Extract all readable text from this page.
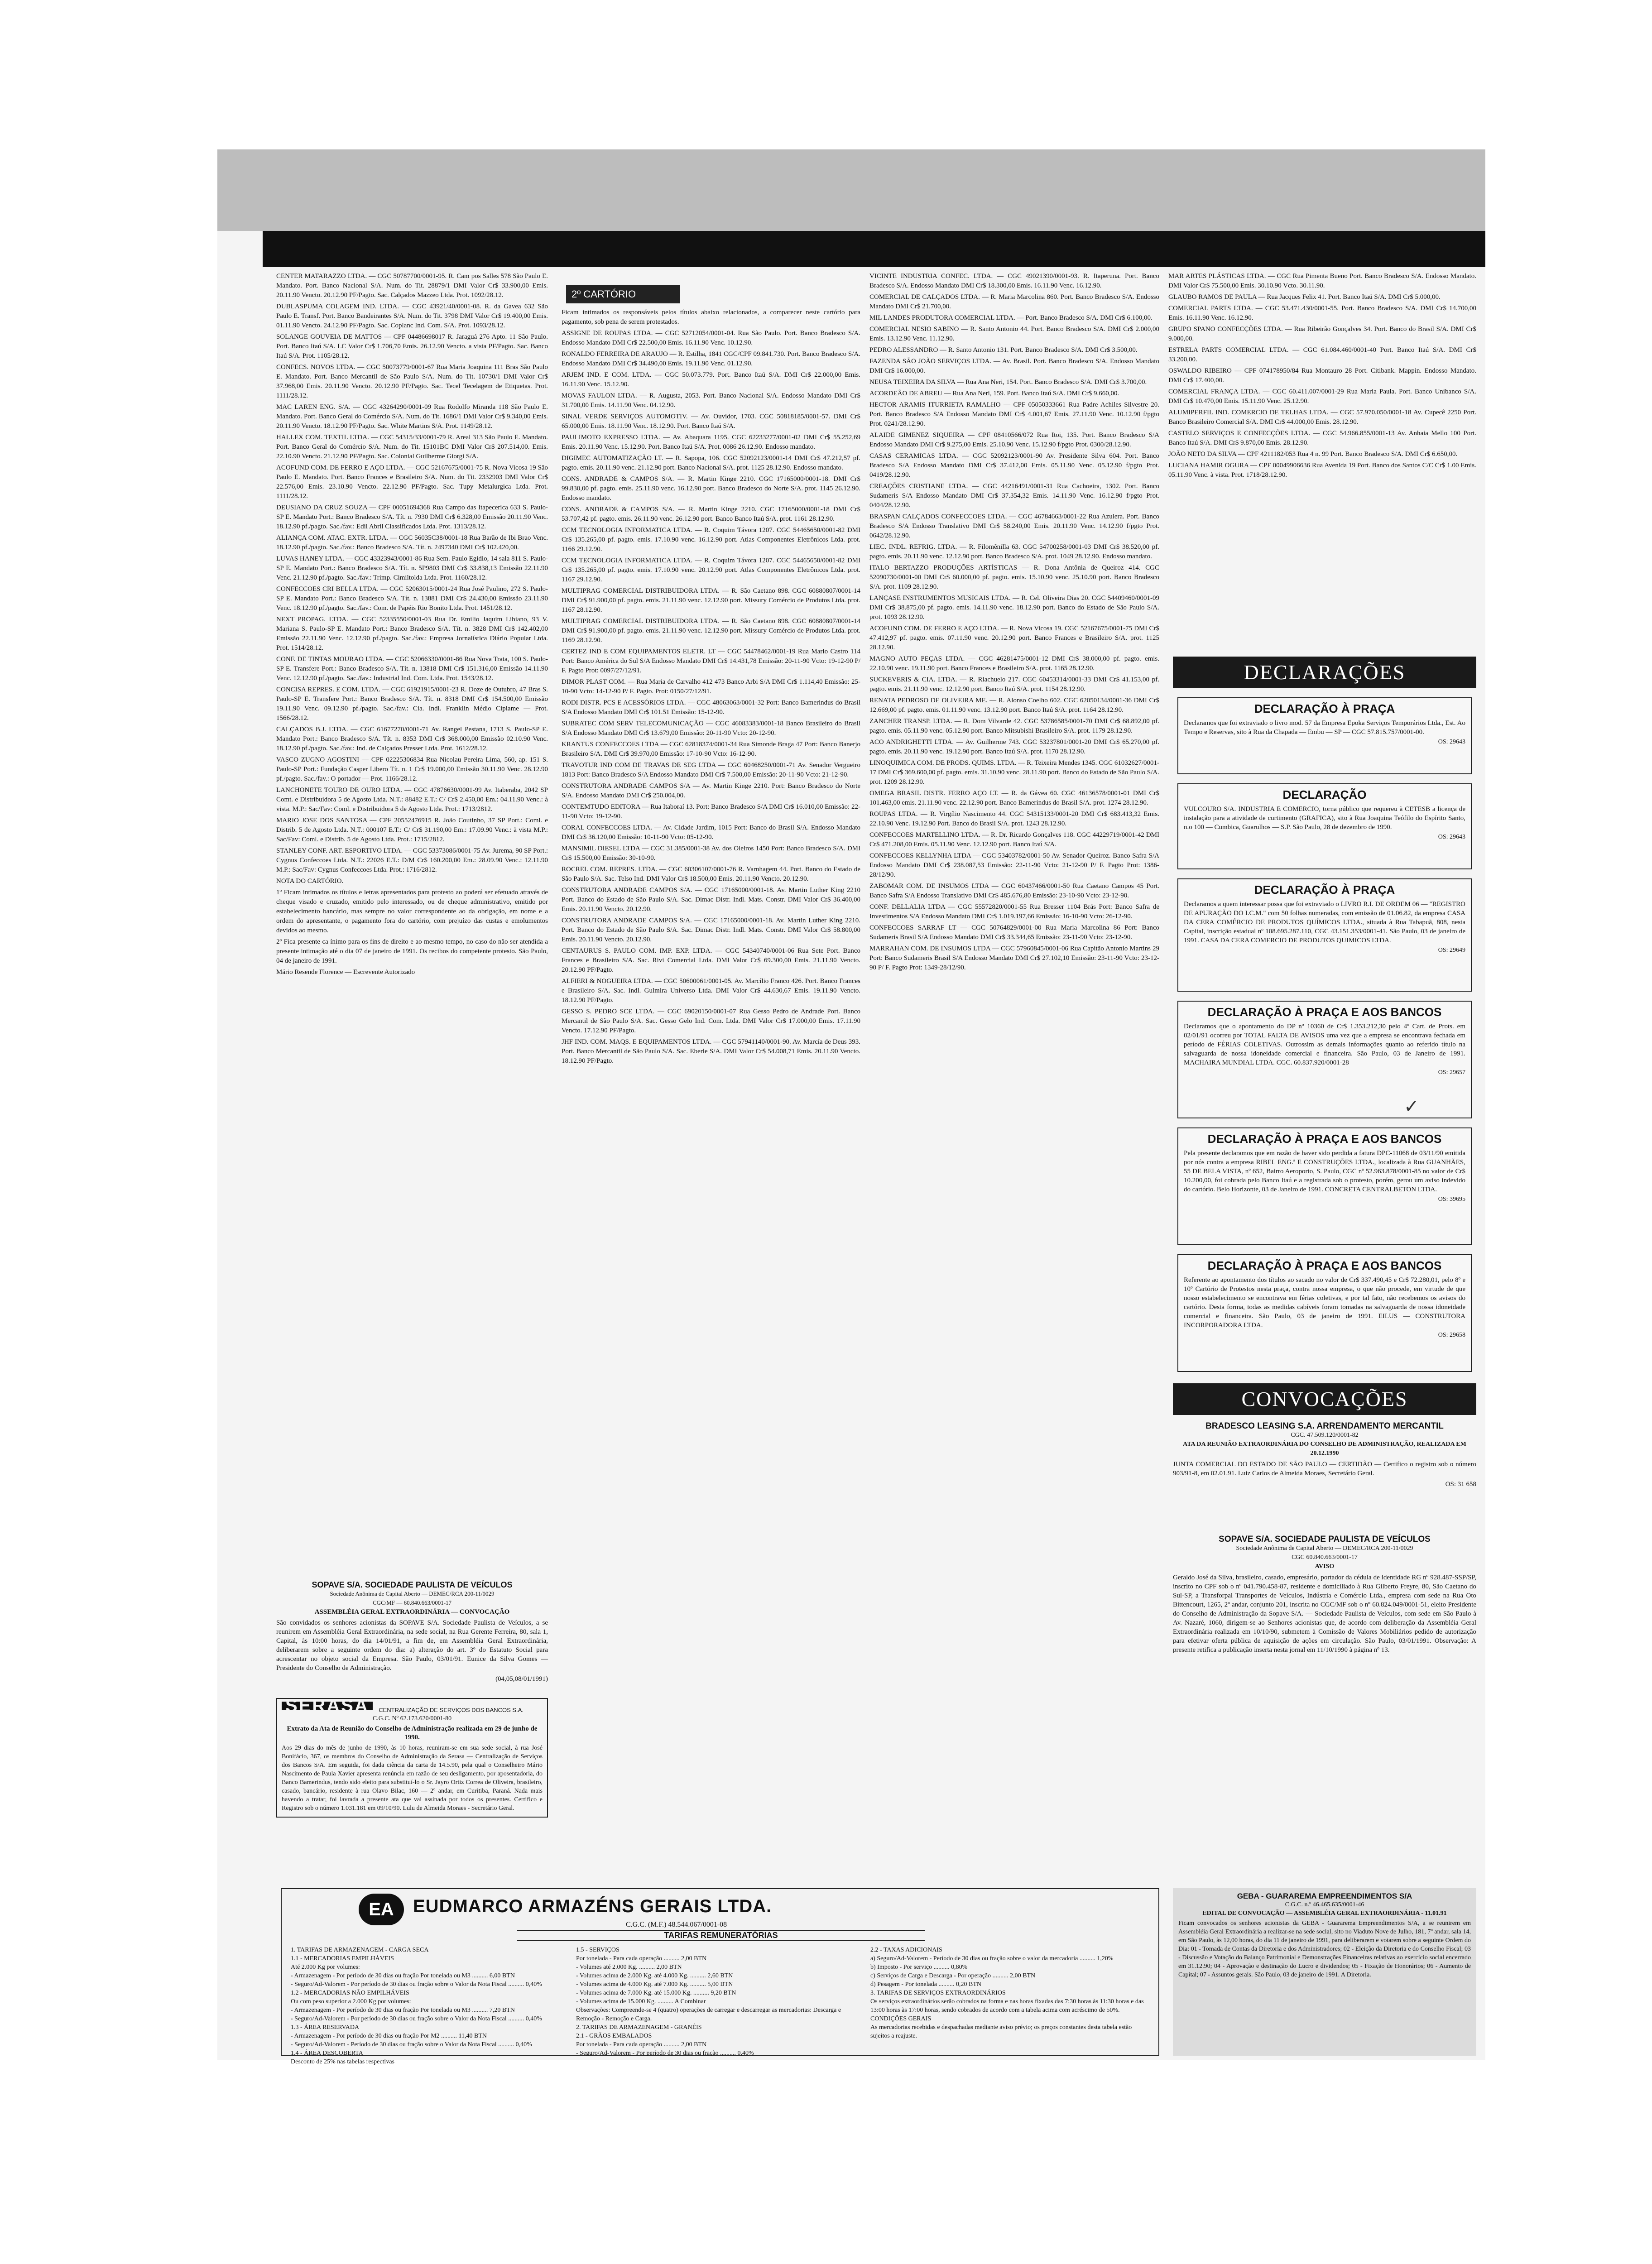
CENTER MATARAZZO LTDA. — CGC 50787700/0001-95. R. Cam pos Salles 578 São Paulo E. Mandato. Port. Banco Nacional S/A. Num. do Tit. 28879/1 DMI Valor Cr$ 33.900,00 Emis. 20.11.90 Vencto. 20.12.90 PF/Pagto. Sac. Calçados Mazzeo Ltda. Prot. 1092/28.12.
DUBLASPUMA COLAGEM IND. LTDA. — CGC 43921/40/0001-08. R. da Gavea 632 São Paulo E. Transf. Port. Banco Bandeirantes S/A. Num. do Tit. 3798 DMI Valor Cr$ 19.400,00 Emis. 01.11.90 Vencto. 24.12.90 PF/Pagto. Sac. Coplanc Ind. Com. S/A. Prot. 1093/28.12.
SOLANGE GOUVEIA DE MATTOS — CPF 04486698017 R. Jaraguá 276 Apto. 11 São Paulo. Port. Banco Itaú S/A. LC Valor Cr$ 1.706,70 Emis. 26.12.90 Vencto. a vista PF/Pagto. Sac. Banco Itaú S/A. Prot. 1105/28.12.
CONFECS. NOVOS LTDA. — CGC 50073779/0001-67 Rua Maria Joaquina 111 Bras São Paulo E. Mandato. Port. Banco Mercantil de São Paulo S/A. Num. do Tit. 10730/1 DMI Valor Cr$ 37.968,00 Emis. 20.11.90 Vencto. 20.12.90 PF/Pagto. Sac. Tecel Tecelagem de Etiquetas. Prot. 1111/28.12.
MAC LAREN ENG. S/A. — CGC 43264290/0001-09 Rua Rodolfo Miranda 118 São Paulo E. Mandato. Port. Banco Geral do Comércio S/A. Num. do Tit. 1686/1 DMI Valor Cr$ 9.340,00 Emis. 20.11.90 Vencto. 18.12.90 PF/Pagto. Sac. White Martins S/A. Prot. 1149/28.12.
HALLEX COM. TEXTIL LTDA. — CGC 54315/33/0001-79 R. Areal 313 São Paulo E. Mandato. Port. Banco Geral do Comércio S/A. Num. do Tit. 15101BC DMI Valor Cr$ 207.514,00. Emis. 22.10.90 Vencto. 21.12.90 PF/Pagto. Sac. Colonial Guilherme Giorgi S/A.
ACOFUND COM. DE FERRO E AÇO LTDA. — CGC 52167675/0001-75 R. Nova Vicosa 19 São Paulo E. Mandato. Port. Banco Frances e Brasileiro S/A. Num. do Tit. 2332903 DMI Valor Cr$ 22.576,00 Emis. 23.10.90 Vencto. 22.12.90 PF/Pagto. Sac. Tupy Metalurgica Ltda. Prot. 1111/28.12.
DEUSIANO DA CRUZ SOUZA — CPF 00051694368 Rua Campo das Itapecerica 633 S. Paulo-SP E. Mandato Port.: Banco Bradesco S/A. Tít. n. 7930 DMI Cr$ 6.328,00 Emissão 20.11.90 Venc. 18.12.90 pf./pagto. Sac./fav.: Edil Abril Classificados Ltda. Prot. 1313/28.12.
ALIANÇA COM. ATAC. EXTR. LTDA. — CGC 56035C38/0001-18 Rua Barão de Ibi Brao Venc. 18.12.90 pf./pagto. Sac./fav.: Banco Bradesco S/A. Tít. n. 2497340 DMI Cr$ 102.420,00.
LUVAS HANEY LTDA. — CGC 43323943/0001-86 Rua Sem. Paulo Egidio, 14 sala 811 S. Paulo-SP E. Mandato Port.: Banco Bradesco S/A. Tít. n. 5P9803 DMI Cr$ 33.838,13 Emissão 22.11.90 Venc. 21.12.90 pf./pagto. Sac./fav.: Trimp. Cimiltolda Ltda. Prot. 1160/28.12.
CONFECCOES CRI BELLA LTDA. — CGC 52063015/0001-24 Rua José Paulino, 272 S. Paulo-SP E. Mandato Port.: Banco Bradesco S/A. Tít. n. 13881 DMI Cr$ 24.430,00 Emissão 23.11.90 Venc. 18.12.90 pf./pagto. Sac./fav.: Com. de Papéis Rio Bonito Ltda. Prot. 1451/28.12.
NEXT PROPAG. LTDA. — CGC 52335550/0001-03 Rua Dr. Emilio Jaquim Libiano, 93 V. Mariana S. Paulo-SP E. Mandato Port.: Banco Bradesco S/A. Tít. n. 3828 DMI Cr$ 142.402,00 Emissão 22.11.90 Venc. 12.12.90 pf./pagto. Sac./fav.: Empresa Jornalística Diário Popular Ltda. Prot. 1514/28.12.
CONF. DE TINTAS MOURAO LTDA. — CGC 52066330/0001-86 Rua Nova Trata, 100 S. Paulo-SP E. Transfere Port.: Banco Bradesco S/A. Tít. n. 13818 DMI Cr$ 151.316,00 Emissão 14.11.90 Venc. 12.12.90 pf./pagto. Sac./fav.: Industrial Ind. Com. Ltda. Prot. 1543/28.12.
CONCISA REPRES. E COM. LTDA. — CGC 61921915/0001-23 R. Doze de Outubro, 47 Bras S. Paulo-SP E. Transfere Port.: Banco Bradesco S/A. Tít. n. 8318 DMI Cr$ 154.500,00 Emissão 19.11.90 Venc. 09.12.90 pf./pagto. Sac./fav.: Cia. Indl. Franklin Médio Cipiame — Prot. 1566/28.12.
CALÇADOS B.J. LTDA. — CGC 61677270/0001-71 Av. Rangel Pestana, 1713 S. Paulo-SP E. Mandato Port.: Banco Bradesco S/A. Tít. n. 8353 DMI Cr$ 368.000,00 Emissão 02.10.90 Venc. 18.12.90 pf./pagto. Sac./fav.: Ind. de Calçados Presser Ltda. Prot. 1612/28.12.
VASCO ZUGNO AGOSTINI — CPF 02225306834 Rua Nicolau Pereira Lima, 560, ap. 151 S. Paulo-SP Port.: Fundação Casper Libero Tít. n. 1 Cr$ 19.000,00 Emissão 30.11.90 Venc. 28.12.90 pf./pagto. Sac./fav.: O portador — Prot. 1166/28.12.
LANCHONETE TOURO DE OURO LTDA. — CGC 47876630/0001-99 Av. Itaberaba, 2042 SP Comt. e Distribuidora 5 de Agosto Ltda. N.T.: 88482 E.T.: C/ Cr$ 2.450,00 Em.: 04.11.90 Venc.: à vista. M.P.: Sac/Fav: Coml. e Distribuidora 5 de Agosto Ltda. Prot.: 1713/2812.
MARIO JOSE DOS SANTOSA — CPF 20552476915 R. João Coutinho, 37 SP Port.: Coml. e Distrib. 5 de Agosto Ltda. N.T.: 000107 E.T.: C/ Cr$ 31.190,00 Em.: 17.09.90 Venc.: à vista M.P.: Sac/Fav: Coml. e Distrib. 5 de Agosto Ltda. Prot.: 1715/2812.
STANLEY CONF. ART. ESPORTIVO LTDA. — CGC 53373086/0001-75 Av. Jurema, 90 SP Port.: Cygnus Confeccoes Ltda. N.T.: 22026 E.T.: D/M Cr$ 160.200,00 Em.: 28.09.90 Venc.: 12.11.90 M.P.: Sac/Fav: Cygnus Confeccoes Ltda. Prot.: 1716/2812.
NOTA DO CARTÓRIO.
1º Ficam intimados os títulos e letras apresentados para protesto ao poderá ser efetuado através de cheque visado e cruzado, emitido pelo interessado, ou de cheque administrativo, emitido por estabelecimento bancário, mas sempre no valor correspondente ao da obrigação, em nome e a ordem do apresentante, o pagamento fora do cartório, com prejuízo das custas e emolumentos devidos ao mesmo.
2º Fica presente ca ínimo para os fins de direito e ao mesmo tempo, no caso do não ser atendida a presente intimação até o dia 07 de janeiro de 1991. Os recibos do competente protesto. São Paulo, 04 de janeiro de 1991.
Mário Resende Florence — Escrevente Autorizado
2º CARTÓRIO
Ficam intimados os responsáveis pelos títulos abaixo relacionados, a comparecer neste cartório para pagamento, sob pena de serem protestados.
ASSIGNE DE ROUPAS LTDA. — CGC 52712054/0001-04. Rua São Paulo. Port. Banco Bradesco S/A. Endosso Mandato DMI Cr$ 22.500,00 Emis. 16.11.90 Venc. 10.12.90.
RONALDO FERREIRA DE ARAUJO — R. Estilha, 1841 CGC/CPF 09.841.730. Port. Banco Bradesco S/A. Endosso Mandato DMI Cr$ 34.490,00 Emis. 19.11.90 Venc. 01.12.90.
ARJEM IND. E COM. LTDA. — CGC 50.073.779. Port. Banco Itaú S/A. DMI Cr$ 22.000,00 Emis. 16.11.90 Venc. 15.12.90.
MOVAS FAULON LTDA. — R. Augusta, 2053. Port. Banco Nacional S/A. Endosso Mandato DMI Cr$ 31.700,00 Emis. 14.11.90 Venc. 04.12.90.
SINAL VERDE SERVIÇOS AUTOMOTIV. — Av. Ouvidor, 1703. CGC 50818185/0001-57. DMI Cr$ 65.000,00 Emis. 18.11.90 Venc. 18.12.90. Port. Banco Itaú S/A.
PAULIMOTO EXPRESSO LTDA. — Av. Abaquara 1195. CGC 62233277/0001-02 DMI Cr$ 55.252,69 Emis. 20.11.90 Venc. 15.12.90. Port. Banco Itaú S/A. Prot. 0086 26.12.90. Endosso mandato.
DIGIMEC AUTOMATIZAÇÃO LT. — R. Sapopa, 106. CGC 52092123/0001-14 DMI Cr$ 47.212,57 pf. pagto. emis. 20.11.90 venc. 21.12.90 port. Banco Nacional S/A. prot. 1125 28.12.90. Endosso mandato.
CONS. ANDRADE & CAMPOS S/A. — R. Martin Kinge 2210. CGC 17165000/0001-18. DMI Cr$ 99.830,00 pf. pagto. emis. 25.11.90 venc. 16.12.90 port. Banco Bradesco do Norte S/A. prot. 1145 26.12.90. Endosso mandato.
CONS. ANDRADE & CAMPOS S/A. — R. Martin Kinge 2210. CGC 17165000/0001-18 DMI Cr$ 53.707,42 pf. pagto. emis. 26.11.90 venc. 26.12.90 port. Banco Banco Itaú S/A. prot. 1161 28.12.90.
CCM TECNOLOGIA INFORMATICA LTDA. — R. Coquim Távora 1207. CGC 54465650/0001-82 DMI Cr$ 135.265,00 pf. pagto. emis. 17.10.90 venc. 16.12.90 port. Atlas Componentes Eletrônicos Ltda. prot. 1166 29.12.90.
CCM TECNOLOGIA INFORMATICA LTDA. — R. Coquim Távora 1207. CGC 54465650/0001-82 DMI Cr$ 135.265,00 pf. pagto. emis. 17.10.90 venc. 20.12.90 port. Atlas Componentes Eletrônicos Ltda. prot. 1167 29.12.90.
MULTIPRAG COMERCIAL DISTRIBUIDORA LTDA. — R. São Caetano 898. CGC 60880807/0001-14 DMI Cr$ 91.900,00 pf. pagto. emis. 21.11.90 venc. 12.12.90 port. Missury Comércio de Produtos Ltda. prot. 1167 28.12.90.
MULTIPRAG COMERCIAL DISTRIBUIDORA LTDA. — R. São Caetano 898. CGC 60880807/0001-14 DMI Cr$ 91.900,00 pf. pagto. emis. 21.11.90 venc. 12.12.90 port. Missury Comércio de Produtos Ltda. prot. 1169 28.12.90.
CERTEZ IND E COM EQUIPAMENTOS ELETR. LT — CGC 54478462/0001-19 Rua Mario Castro 114 Port: Banco América do Sul S/A Endosso Mandato DMI Cr$ 14.431,78 Emissão: 20-11-90 Vcto: 19-12-90 P/ F. Pagto Prot: 0097/27/12/91.
DIMOR PLAST COM. — Rua Maria de Carvalho 412 473 Banco Arbi S/A DMI Cr$ 1.114,40 Emissão: 25-10-90 Vcto: 14-12-90 P/ F. Pagto. Prot: 0150/27/12/91.
RODI DISTR. PCS E ACESSÓRIOS LTDA. — CGC 48063063/0001-32 Port: Banco Bamerindus do Brasil S/A Endosso Mandato DMI Cr$ 101.51 Emissão: 15-12-90.
SUBRATEC COM SERV TELECOMUNICAÇÃO — CGC 46083383/0001-18 Banco Brasileiro do Brasil S/A Endosso Mandato DMI Cr$ 13.679,00 Emissão: 20-11-90 Vcto: 20-12-90.
KRANTUS CONFECCOES LTDA — CGC 62818374/0001-34 Rua Simonde Braga 47 Port: Banco Banerjo Brasileiro S/A. DMI Cr$ 39.970,00 Emissão: 17-10-90 Vcto: 16-12-90.
TRAVOTUR IND COM DE TRAVAS DE SEG LTDA — CGC 60468250/0001-71 Av. Senador Vergueiro 1813 Port: Banco Bradesco S/A Endosso Mandato DMI Cr$ 7.500,00 Emissão: 20-11-90 Vcto: 21-12-90.
CONSTRUTORA ANDRADE CAMPOS S/A — Av. Martin Kinge 2210. Port: Banco Bradesco do Norte S/A. Endosso Mandato DMI Cr$ 250.004,00.
CONTEMTUDO EDITORA — Rua Itaboraí 13. Port: Banco Bradesco S/A DMI Cr$ 16.010,00 Emissão: 22-11-90 Vcto: 19-12-90.
CORAL CONFECCOES LTDA. — Av. Cidade Jardim, 1015 Port: Banco do Brasil S/A. Endosso Mandato DMI Cr$ 36.120,00 Emissão: 10-11-90 Vcto: 05-12-90.
MANSIMIL DIESEL LTDA — CGC 31.385/0001-38 Av. dos Oleiros 1450 Port: Banco Bradesco S/A. DMI Cr$ 15.500,00 Emissão: 30-10-90.
ROCREL COM. REPRES. LTDA. — CGC 60306107/0001-76 R. Varnhagem 44. Port. Banco do Estado de São Paulo S/A. Sac. Telso Ind. DMI Valor Cr$ 18.500,00 Emis. 20.11.90 Vencto. 20.12.90.
CONSTRUTORA ANDRADE CAMPOS S/A. — CGC 17165000/0001-18. Av. Martin Luther King 2210 Port. Banco do Estado de São Paulo S/A. Sac. Dimac Distr. Indl. Mats. Constr. DMI Valor Cr$ 36.400,00 Emis. 20.11.90 Vencto. 20.12.90.
CONSTRUTORA ANDRADE CAMPOS S/A. — CGC 17165000/0001-18. Av. Martin Luther King 2210. Port. Banco do Estado de São Paulo S/A. Sac. Dimac Distr. Indl. Mats. Constr. DMI Valor Cr$ 58.800,00 Emis. 20.11.90 Vencto. 20.12.90.
CENTAURUS S. PAULO COM. IMP. EXP. LTDA. — CGC 54340740/0001-06 Rua Sete Port. Banco Frances e Brasileiro S/A. Sac. Rivi Comercial Ltda. DMI Valor Cr$ 69.300,00 Emis. 21.11.90 Vencto. 20.12.90 PF/Pagto.
ALFIERI & NOGUEIRA LTDA. — CGC 50600061/0001-05. Av. Marcílio Franco 426. Port. Banco Frances e Brasileiro S/A. Sac. Indl. Gulmira Universo Ltda. DMI Valor Cr$ 44.630,67 Emis. 19.11.90 Vencto. 18.12.90 PF/Pagto.
GESSO S. PEDRO SCE LTDA. — CGC 69020150/0001-07 Rua Gesso Pedro de Andrade Port. Banco Mercantil de São Paulo S/A. Sac. Gesso Gelo Ind. Com. Ltda. DMI Valor Cr$ 17.000,00 Emis. 17.11.90 Vencto. 17.12.90 PF/Pagto.
JHF IND. COM. MAQS. E EQUIPAMENTOS LTDA. — CGC 57941140/0001-90. Av. Marcía de Deus 393. Port. Banco Mercantil de São Paulo S/A. Sac. Eberle S/A. DMI Valor Cr$ 54.008,71 Emis. 20.11.90 Vencto. 18.12.90 PF/Pagto.
VICINTE INDUSTRIA CONFEC. LTDA. — CGC 49021390/0001-93. R. Itaperuna. Port. Banco Bradesco S/A. Endosso Mandato DMI Cr$ 18.300,00 Emis. 16.11.90 Venc. 16.12.90.
COMERCIAL DE CALÇADOS LTDA. — R. Maria Marcolina 860. Port. Banco Bradesco S/A. Endosso Mandato DMI Cr$ 21.700,00.
MIL LANDES PRODUTORA COMERCIAL LTDA. — Port. Banco Bradesco S/A. DMI Cr$ 6.100,00.
COMERCIAL NESIO SABINO — R. Santo Antonio 44. Port. Banco Bradesco S/A. DMI Cr$ 2.000,00 Emis. 13.12.90 Venc. 11.12.90.
PEDRO ALESSANDRO — R. Santo Antonio 131. Port. Banco Bradesco S/A. DMI Cr$ 3.500,00.
FAZENDA SÃO JOÃO SERVIÇOS LTDA. — Av. Brasil. Port. Banco Bradesco S/A. Endosso Mandato DMI Cr$ 16.000,00.
NEUSA TEIXEIRA DA SILVA — Rua Ana Neri, 154. Port. Banco Bradesco S/A. DMI Cr$ 3.700,00.
ACORDEÃO DE ABREU — Rua Ana Neri, 159. Port. Banco Itaú S/A. DMI Cr$ 9.660,00.
HECTOR ARAMIS ITURRIETA RAMALHO — CPF 05050333661 Rua Padre Achiles Silvestre 20. Port. Banco Bradesco S/A Endosso Mandato DMI Cr$ 4.001,67 Emis. 27.11.90 Venc. 10.12.90 f/pgto Prot. 0241/28.12.90.
ALAIDE GIMENEZ SIQUEIRA — CPF 08410566/072 Rua Itoi, 135. Port. Banco Bradesco S/A Endosso Mandato DMI Cr$ 9.275,00 Emis. 25.10.90 Venc. 15.12.90 f/pgto Prot. 0300/28.12.90.
CASAS CERAMICAS LTDA. — CGC 52092123/0001-90 Av. Presidente Silva 604. Port. Banco Bradesco S/A Endosso Mandato DMI Cr$ 37.412,00 Emis. 05.11.90 Venc. 05.12.90 f/pgto Prot. 0419/28.12.90.
CREAÇÕES CRISTIANE LTDA. — CGC 44216491/0001-31 Rua Cachoeira, 1302. Port. Banco Sudameris S/A Endosso Mandato DMI Cr$ 37.354,32 Emis. 14.11.90 Venc. 16.12.90 f/pgto Prot. 0404/28.12.90.
BRASPAN CALÇADOS CONFECCOES LTDA. — CGC 46784663/0001-22 Rua Azulera. Port. Banco Bradesco S/A Endosso Translativo DMI Cr$ 58.240,00 Emis. 20.11.90 Venc. 14.12.90 f/pgto Prot. 0642/28.12.90.
LIEC. INDL. REFRIG. LTDA. — R. Filomênilla 63. CGC 54700258/0001-03 DMI Cr$ 38.520,00 pf. pagto. emis. 20.11.90 venc. 12.12.90 port. Banco Bradesco S/A. prot. 1049 28.12.90. Endosso mandato.
ITALO BERTAZZO PRODUÇÕES ARTÍSTICAS — R. Dona Antônia de Queiroz 414. CGC 52090730/0001-00 DMI Cr$ 60.000,00 pf. pagto. emis. 15.10.90 venc. 25.10.90 port. Banco Bradesco S/A. prot. 1109 28.12.90.
LANÇASE INSTRUMENTOS MUSICAIS LTDA. — R. Cel. Oliveira Dias 20. CGC 54409460/0001-09 DMI Cr$ 38.875,00 pf. pagto. emis. 14.11.90 venc. 18.12.90 port. Banco do Estado de São Paulo S/A. prot. 1093 28.12.90.
ACOFUND COM. DE FERRO E AÇO LTDA. — R. Nova Vicosa 19. CGC 52167675/0001-75 DMI Cr$ 47.412,97 pf. pagto. emis. 07.11.90 venc. 20.12.90 port. Banco Frances e Brasileiro S/A. prot. 1125 28.12.90.
MAGNO AUTO PEÇAS LTDA. — CGC 46281475/0001-12 DMI Cr$ 38.000,00 pf. pagto. emis. 22.10.90 venc. 19.11.90 port. Banco Frances e Brasileiro S/A. prot. 1165 28.12.90.
SUCKEVERIS & CIA. LTDA. — R. Riachuelo 217. CGC 60453314/0001-33 DMI Cr$ 41.153,00 pf. pagto. emis. 21.11.90 venc. 12.12.90 port. Banco Itaú S/A. prot. 1154 28.12.90.
RENATA PEDROSO DE OLIVEIRA ME. — R. Alonso Coelho 602. CGC 62050134/0001-36 DMI Cr$ 12.669,00 pf. pagto. emis. 01.11.90 venc. 13.12.90 port. Banco Itaú S/A. prot. 1164 28.12.90.
ZANCHER TRANSP. LTDA. — R. Dom Vilvarde 42. CGC 53786585/0001-70 DMI Cr$ 68.892,00 pf. pagto. emis. 05.11.90 venc. 05.12.90 port. Banco Mitsubishi Brasileiro S/A. prot. 1179 28.12.90.
ACO ANDRIGHETTI LTDA. — Av. Guilherme 743. CGC 53237801/0001-20 DMI Cr$ 65.270,00 pf. pagto. emis. 20.11.90 venc. 19.12.90 port. Banco Itaú S/A. prot. 1170 28.12.90.
LINOQUIMICA COM. DE PRODS. QUIMS. LTDA. — R. Teixeira Mendes 1345. CGC 61032627/0001-17 DMI Cr$ 369.600,00 pf. pagto. emis. 31.10.90 venc. 28.11.90 port. Banco do Estado de São Paulo S/A. prot. 1209 28.12.90.
OMEGA BRASIL DISTR. FERRO AÇO LT. — R. da Gávea 60. CGC 46136578/0001-01 DMI Cr$ 101.463,00 emis. 21.11.90 venc. 22.12.90 port. Banco Bamerindus do Brasil S/A. prot. 1274 28.12.90.
ROUPAS LTDA. — R. Virgílio Nascimento 44. CGC 54315133/0001-20 DMI Cr$ 683.413,32 Emis. 22.10.90 Venc. 19.12.90 Port. Banco do Brasil S/A. prot. 1243 28.12.90.
CONFECCOES MARTELLINO LTDA. — R. Dr. Ricardo Gonçalves 118. CGC 44229719/0001-42 DMI Cr$ 471.208,00 Emis. 05.11.90 Venc. 12.12.90 port. Banco Itaú S/A.
CONFECCOES KELLYNHA LTDA — CGC 53403782/0001-50 Av. Senador Queiroz. Banco Safra S/A Endosso Mandato DMI Cr$ 238.087,53 Emissão: 22-11-90 Vcto: 21-12-90 P/ F. Pagto Prot: 1386-28/12/90.
ZABOMAR COM. DE INSUMOS LTDA — CGC 60437466/0001-50 Rua Caetano Campos 45 Port. Banco Safra S/A Endosso Translativo DMI Cr$ 485.676,80 Emissão: 23-10-90 Vcto: 23-12-90.
CONF. DELLALIA LTDA — CGC 55572820/0001-55 Rua Bresser 1104 Brás Port: Banco Safra de Investimentos S/A Endosso Mandato DMI Cr$ 1.019.197,66 Emissão: 16-10-90 Vcto: 26-12-90.
CONFECCOES SARRAF LT — CGC 50764829/0001-00 Rua Maria Marcolina 86 Port: Banco Sudameris Brasil S/A Endosso Mandato DMI Cr$ 33.344,65 Emissão: 23-11-90 Vcto: 23-12-90.
MARRAHAN COM. DE INSUMOS LTDA — CGC 57960845/0001-06 Rua Capitão Antonio Martins 29 Port: Banco Sudameris Brasil S/A Endosso Mandato DMI Cr$ 27.102,10 Emissão: 23-11-90 Vcto: 23-12-90 P/ F. Pagto Prot: 1349-28/12/90.
MAR ARTES PLÁSTICAS LTDA. — CGC Rua Pimenta Bueno Port. Banco Bradesco S/A. Endosso Mandato. DMI Valor Cr$ 75.500,00 Emis. 30.10.90 Vcto. 30.11.90.
GLAUBO RAMOS DE PAULA — Rua Jacques Felix 41. Port. Banco Itaú S/A. DMI Cr$ 5.000,00.
COMERCIAL PARTS LTDA. — CGC 53.471.430/0001-55. Port. Banco Bradesco S/A. DMI Cr$ 14.700,00 Emis. 16.11.90 Venc. 16.12.90.
GRUPO SPANO CONFECÇÕES LTDA. — Rua Ribeirão Gonçalves 34. Port. Banco do Brasil S/A. DMI Cr$ 9.000,00.
ESTRELA PARTS COMERCIAL LTDA. — CGC 61.084.460/0001-40 Port. Banco Itaú S/A. DMI Cr$ 33.200,00.
OSWALDO RIBEIRO — CPF 074178950/84 Rua Montauro 28 Port. Citibank. Mappin. Endosso Mandato. DMI Cr$ 17.400,00.
COMERCIAL FRANÇA LTDA. — CGC 60.411.007/0001-29 Rua Maria Paula. Port. Banco Unibanco S/A. DMI Cr$ 10.470,00 Emis. 15.11.90 Venc. 25.12.90.
ALUMIPERFIL IND. COMERCIO DE TELHAS LTDA. — CGC 57.970.050/0001-18 Av. Cupecê 2250 Port. Banco Brasileiro Comercial S/A. DMI Cr$ 44.000,00 Emis. 28.12.90.
CASTELO SERVIÇOS E CONFECÇÕES LTDA. — CGC 54.966.855/0001-13 Av. Anhaia Mello 100 Port. Banco Itaú S/A. DMI Cr$ 9.870,00 Emis. 28.12.90.
JOÃO NETO DA SILVA — CPF 4211182/053 Rua 4 n. 99 Port. Banco Bradesco S/A. DMI Cr$ 6.650,00.
LUCIANA HAMIR OGURA — CPF 00049906636 Rua Avenida 19 Port. Banco dos Santos C/C Cr$ 1.00 Emis. 05.11.90 Venc. à vista. Prot. 1718/28.12.90.
DECLARAÇÕES
DECLARAÇÃO À PRAÇA

Declaramos que foi extraviado o livro mod. 57 da Empresa Epoka Serviços Temporários Ltda., Est. Ao Tempo e Reservas, sito à Rua da Chapada — Embu — SP — CGC 57.815.757/0001-00.

OS: 29643
DECLARAÇÃO

VULCOURO S/A. INDUSTRIA E COMERCIO, torna público que requereu à CETESB a licença de instalação para a atividade de curtimento (GRAFICA), sito à Rua Joaquina Teófilo do Espírito Santo, n.o 100 — Cumbica, Guarulhos — S.P. São Paulo, 28 de dezembro de 1990.

OS: 29643
DECLARAÇÃO À PRAÇA

Declaramos a quem interessar possa que foi extraviado o LIVRO R.I. DE ORDEM 06 — "REGISTRO DE APURAÇÃO DO I.C.M." com 50 folhas numeradas, com emissão de 01.06.82, da empresa CASA DA CERA COMÉRCIO DE PRODUTOS QUÍMICOS LTDA., situada à Rua Tabapuã, 808, nesta Capital, inscrição estadual nº 108.695.287.110, CGC 43.151.353/0001-41. São Paulo, 03 de janeiro de 1991. CASA DA CERA COMERCIO DE PRODUTOS QUIMICOS LTDA.

OS: 29649
DECLARAÇÃO À PRAÇA E AOS BANCOS

Declaramos que o apontamento do DP nº 10360 de Cr$ 1.353.212,30 pelo 4º Cart. de Prots. em 02/01/91 ocorreu por TOTAL FALTA DE AVISOS uma vez que a empresa se encontrava fechada em período de FÉRIAS COLETIVAS. Outrossim as demais informações quanto ao referido título na salvaguarda de nossa idoneidade comercial e financeira. São Paulo, 03 de Janeiro de 1991. MACHAIRA MUNDIAL LTDA. CGC. 60.837.920/0001-28

OS: 29657
DECLARAÇÃO À PRAÇA E AOS BANCOS

Pela presente declaramos que em razão de haver sido perdida a fatura DPC-11068 de 03/11/90 emitida por nós contra a empresa RIBEL ENG.ª E CONSTRUÇÕES LTDA., localizada à Rua GUANHÃES, 55 DE BELA VISTA, nº 652, Bairro Aeroporto, S. Paulo, CGC nº 52.963.878/0001-85 no valor de Cr$ 10.200,00, foi cobrada pelo Banco Itaú e a registrada sob o protesto, porém, gerou um aviso indevido do cartório. Belo Horizonte, 03 de Janeiro de 1991. CONCRETA CENTRALBETON LTDA.

OS: 39695
DECLARAÇÃO À PRAÇA E AOS BANCOS

Referente ao apontamento dos títulos ao sacado no valor de Cr$ 337.490,45 e Cr$ 72.280,01, pelo 8º e 10º Cartório de Protestos nesta praça, contra nossa empresa, o que não procede, em virtude de que nosso estabelecimento se encontrava em férias coletivas, e por tal fato, não recebemos os avisos do cartório. Desta forma, todas as medidas cabíveis foram tomadas na salvaguarda de nossa idoneidade comercial e financeira. São Paulo, 03 de janeiro de 1991. EILUS — CONSTRUTORA INCORPORADORA LTDA.

OS: 29658
CONVOCAÇÕES
BRADESCO LEASING S.A. ARRENDAMENTO MERCANTIL
CGC. 47.509.120/0001-82
ATA DA REUNIÃO EXTRAORDINÁRIA DO CONSELHO DE ADMINISTRAÇÃO, REALIZADA EM 20.12.1990

JUNTA COMERCIAL DO ESTADO DE SÃO PAULO — CERTIDÃO — Certifico o registro sob o número 903/91-8, em 02.01.91. Luiz Carlos de Almeida Moraes, Secretário Geral.

OS: 31 658
SOPAVE S/A. SOCIEDADE PAULISTA DE VEÍCULOS
Sociedade Anônima de Capital Aberto — DEMEC/RCA 200-11/0029
CGC 60.840.663/0001-17
AVISO

Geraldo José da Silva, brasileiro, casado, empresário, portador da cédula de identidade RG nº 928.487-SSP/SP, inscrito no CPF sob o nº 041.790.458-87, residente e domiciliado à Rua Gilberto Freyre, 80, São Caetano do Sul-SP, a Transforpal Transportes de Veículos, Indústria e Comércio Ltda., empresa com sede na Rua Oto Bittencourt, 1265, 2º andar, conjunto 201, inscrita no CGC/MF sob o nº 60.824.049/0001-51, eleito Presidente do Conselho de Administração da Sopave S/A. — Sociedade Paulista de Veículos, com sede em São Paulo à Av. Nazaré, 1060, dirigem-se ao Senhores acionistas que, de acordo com deliberação da Assembléia Geral Extraordinária realizada em 10/10/90, submetem à Comissão de Valores Mobiliários pedido de autorização para efetivar oferta pública de aquisição de ações em circulação. São Paulo, 03/01/1991. Observação: A presente retifica a publicação inserta nesta jornal em 11/10/1990 à página nº 13.

SOPAVE S/A. SOCIEDADE PAULISTA DE VEÍCULOS
Sociedade Anônima de Capital Aberto — DEMEC/RCA 200-11/0029
CGC/MF — 60.840.663/0001-17
ASSEMBLÉIA GERAL EXTRAORDINÁRIA — CONVOCAÇÃO

São convidados os senhores acionistas da SOPAVE S/A. Sociedade Paulista de Veículos, a se reunirem em Assembléia Geral Extraordinária, na sede social, na Rua Gerente Ferreira, 80, sala 1, Capital, às 10:00 horas, do dia 14/01/91, a fim de, em Assembléia Geral Extraordinária, deliberarem sobre a seguinte ordem do dia: a) alteração do art. 3º do Estatuto Social para acrescentar no objeto social da Empresa. São Paulo, 03/01/91. Eunice da Silva Gomes — Presidente do Conselho de Administração.

(04,05,08/01/1991)
SERASA CENTRALIZAÇÃO DE SERVIÇOS DOS BANCOS S.A.
C.G.C. Nº 62.173.620/0001-80
Extrato da Ata de Reunião do Conselho de Administração realizada em 29 de junho de 1990.

Aos 29 dias do mês de junho de 1990, às 10 horas, reuniram-se em sua sede social, à rua José Bonifácio, 367, os membros do Conselho de Administração da Serasa — Centralização de Serviços dos Bancos S/A. Em seguida, foi dada ciência da carta de 14.5.90, pela qual o Conselheiro Mário Nascimento de Paula Xavier apresenta renúncia em razão de seu desligamento, por aposentadoria, do Banco Bamerindus, tendo sido eleito para substituí-lo o Sr. Jayro Ortiz Correa de Oliveira, brasileiro, casado, bancário, residente à rua Olavo Bilac, 160 — 2º andar, em Curitiba, Paraná. Nada mais havendo a tratar, foi lavrada a presente ata que vai assinada por todos os presentes. Certifico e Registro sob o número 1.031.181 em 09/10/90. Lulu de Almeida Moraes - Secretário Geral.

EA	EUDMARCO ARMAZÉNS GERAIS LTDA.
C.G.C. (M.F.) 48.544.067/0001-08
TARIFAS REMUNERATÓRIAS

1. TARIFAS DE ARMAZENAGEM - CARGA SECA

1.1 - MERCADORIAS EMPILHÁVEIS

Até 2.000 Kg por volumes:

- Armazenagem - Por período de 30 dias ou fração Por tonelada ou M3 .......... 6,00 BTN

- Seguro/Ad-Valorem - Por período de 30 dias ou fração sobre o Valor da Nota Fiscal .......... 0,40%

1.2 - MERCADORIAS NÃO EMPILHÁVEIS

Ou com peso superior a 2.000 Kg por volumes:

- Armazenagem - Por período de 30 dias ou fração Por tonelada ou M3 .......... 7,20 BTN

- Seguro/Ad-Valorem - Por período de 30 dias ou fração sobre o Valor da Nota Fiscal .......... 0,40%

1.3 - ÁREA RESERVADA

- Armazenagem - Por período de 30 dias ou fração Por M2 .......... 11,40 BTN

- Seguro/Ad-Valorem - Período de 30 dias ou fração sobre o Valor da Nota Fiscal .......... 0,40%

1.4 - ÁREA DESCOBERTA

Desconto de 25% nas tabelas respectivas

1.5 - SERVIÇOS

Por tonelada - Para cada operação .......... 2,00 BTN

- Volumes até 2.000 Kg. .......... 2,00 BTN

- Volumes acima de 2.000 Kg. até 4.000 Kg. .......... 2,60 BTN

- Volumes acima de 4.000 Kg. até 7.000 Kg. .......... 5,00 BTN

- Volumes acima de 7.000 Kg. até 15.000 Kg. .......... 9,20 BTN

- Volumes acima de 15.000 Kg. .......... A Combinar

Observações: Compreende-se 4 (quatro) operações de carregar e descarregar as mercadorias: Descarga e Remoção - Remoção e Carga.

2. TARIFAS DE ARMAZENAGEM - GRANÉIS

2.1 - GRÃOS EMBALADOS

Por tonelada - Para cada operação .......... 2,00 BTN

- Seguro/Ad-Valorem - Por período de 30 dias ou fração .......... 0,40%

2.2 - TAXAS ADICIONAIS

a) Seguro/Ad-Valorem - Período de 30 dias ou fração sobre o valor da mercadoria .......... 1,20%

b) Imposto - Por serviço .......... 0,80%

c) Serviços de Carga e Descarga - Por operação .......... 2,00 BTN

d) Pesagem - Por tonelada .......... 0,20 BTN

3. TARIFAS DE SERVIÇOS EXTRAORDINÁRIOS

Os serviços extraordinários serão cobrados na forma e nas horas fixadas das 7:30 horas às 11:30 horas e das 13:00 horas às 17:00 horas, sendo cobrados de acordo com a tabela acima com acréscimo de 50%.

CONDIÇÕES GERAIS

As mercadorias recebidas e despachadas mediante aviso prévio; os preços constantes desta tabela estão sujeitos a reajuste.

GEBA - GUARAREMA EMPREENDIMENTOS S/A
C.G.C. n.º 46.465.635/0001-46
EDITAL DE CONVOCAÇÃO — ASSEMBLÉIA GERAL EXTRAORDINÁRIA - 11.01.91

Ficam convocados os senhores acionistas da GEBA - Guararema Empreendimentos S/A, a se reunirem em Assembléia Geral Extraordinária a realizar-se na sede social, sito no Viaduto Nove de Julho, 181, 7º andar, sala 14, em São Paulo, às 12,00 horas, do dia 11 de janeiro de 1991, para deliberarem e votarem sobre a seguinte Ordem do Dia: 01 - Tomada de Contas da Diretoria e dos Administradores; 02 - Eleição da Diretoria e do Conselho Fiscal; 03 - Discussão e Votação do Balanço Patrimonial e Demonstrações Financeiras relativas ao exercício social encerrado em 31.12.90; 04 - Aprovação e destinação do Lucro e dividendos; 05 - Fixação de Honorários; 06 - Aumento de Capital; 07 - Assuntos gerais. São Paulo, 03 de janeiro de 1991. A Diretoria.

✓
